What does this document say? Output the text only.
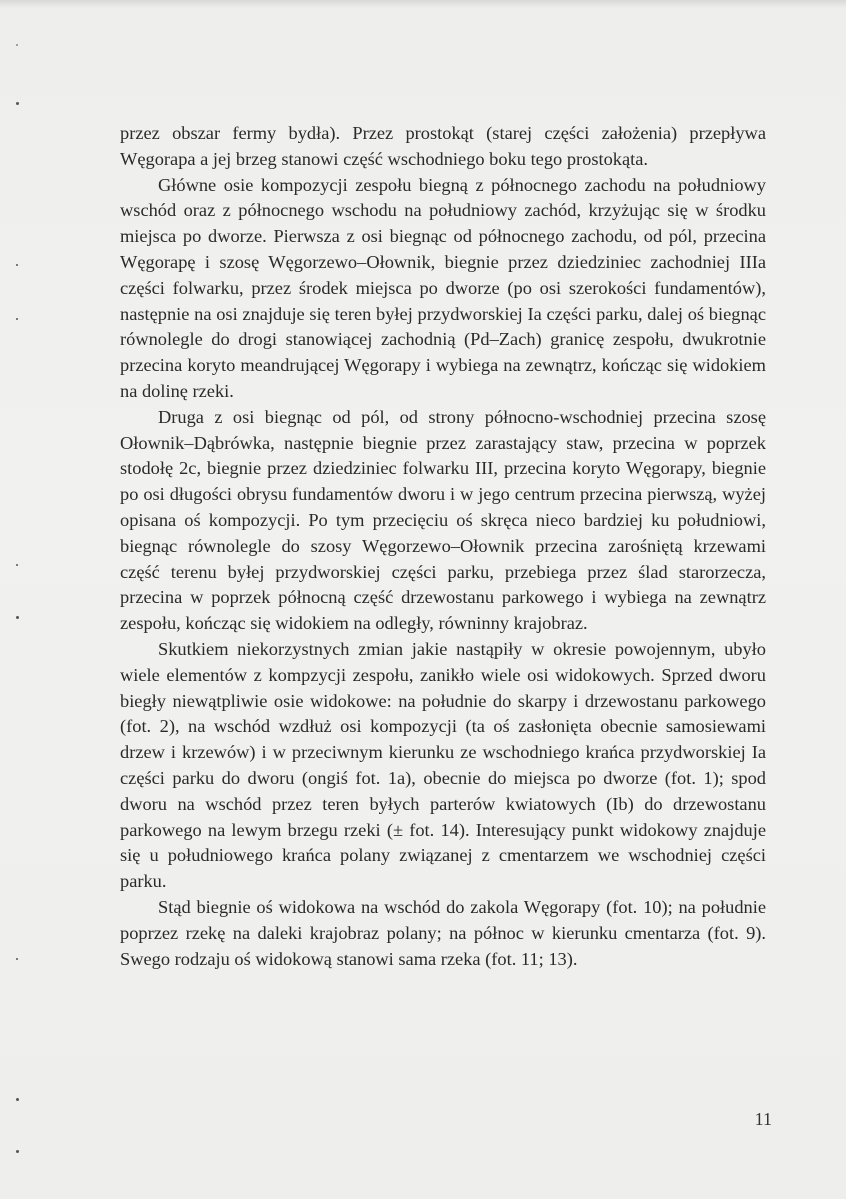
przez obszar fermy bydła). Przez prostokąt (starej części założenia) przepływa Węgorapa a jej brzeg stanowi część wschodniego boku tego prostokąta.

Główne osie kompozycji zespołu biegną z północnego zachodu na południowy wschód oraz z północnego wschodu na południowy zachód, krzyżując się w środku miejsca po dworze. Pierwsza z osi biegnąc od północnego zachodu, od pól, przecina Węgorapę i szosę Węgorzewo–Ołownik, biegnie przez dziedziniec zachodniej IIIa części folwarku, przez środek miejsca po dworze (po osi szerokości fundamentów), następnie na osi znajduje się teren byłej przydworskiej Ia części parku, dalej oś biegnąc równolegle do drogi stanowiącej zachodnią (Pd–Zach) granicę zespołu, dwukrotnie przecina koryto meandrującej Węgorapy i wybiega na zewnątrz, kończąc się widokiem na dolinę rzeki.

Druga z osi biegnąc od pól, od strony północno-wschodniej przecina szosę Ołownik–Dąbrówka, następnie biegnie przez zarastający staw, przecina w poprzek stodołę 2c, biegnie przez dziedziniec folwarku III, przecina koryto Węgorapy, biegnie po osi długości obrysu fundamentów dworu i w jego centrum przecina pierwszą, wyżej opisana oś kompozycji. Po tym przecięciu oś skręca nieco bardziej ku południowi, biegnąc równolegle do szosy Węgorzewo–Ołownik przecina zarośniętą krzewami część terenu byłej przydworskiej części parku, przebiega przez ślad starorzecza, przecina w poprzek północną część drzewostanu parkowego i wybiega na zewnątrz zespołu, kończąc się widokiem na odległy, równinny krajobraz.

Skutkiem niekorzystnych zmian jakie nastąpiły w okresie powojennym, ubyło wiele elementów z kompzycji zespołu, zanikło wiele osi widokowych. Sprzed dworu biegły niewątpliwie osie widokowe: na południe do skarpy i drzewostanu parkowego (fot. 2), na wschód wzdłuż osi kompozycji (ta oś zasłonięta obecnie samosiewami drzew i krzewów) i w przeciwnym kierunku ze wschodniego krańca przydworskiej Ia części parku do dworu (ongiś fot. 1a), obecnie do miejsca po dworze (fot. 1); spod dworu na wschód przez teren byłych parterów kwiatowych (Ib) do drzewostanu parkowego na lewym brzegu rzeki (± fot. 14). Interesujący punkt widokowy znajduje się u południowego krańca polany związanej z cmentarzem we wschodniej części parku.

Stąd biegnie oś widokowa na wschód do zakola Węgorapy (fot. 10); na południe poprzez rzekę na daleki krajobraz polany; na północ w kierunku cmentarza (fot. 9). Swego rodzaju oś widokową stanowi sama rzeka (fot. 11; 13).

11
